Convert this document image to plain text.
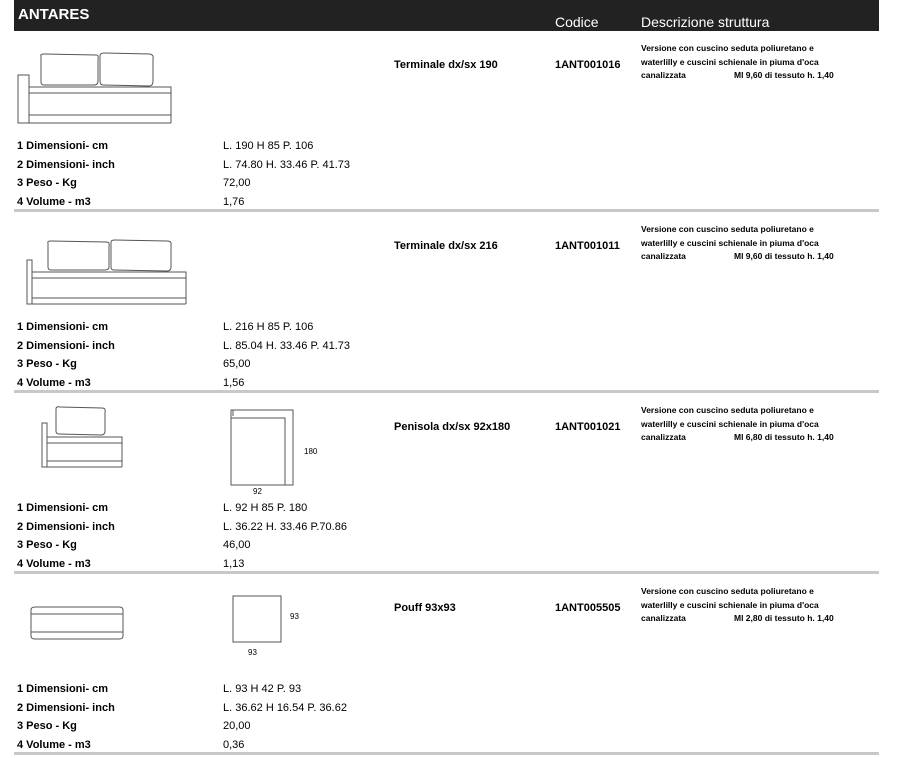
ANTARES	Codice	Descrizione struttura
Terminale dx/sx 190	1ANT001016
Versione con cuscino seduta poliuretano e
waterlilly e cuscini schienale in piuma d'oca

canalizzata	Ml 9,60 di tessuto h. 1,40
1 Dimensioni- cm	L. 190 H 85 P. 106
2 Dimensioni- inch	L. 74.80 H. 33.46 P. 41.73
3 Peso - Kg	72,00
4 Volume - m3	1,76
Terminale dx/sx 216	1ANT001011
Versione con cuscino seduta poliuretano e
waterlilly e cuscini schienale in piuma d'oca

canalizzata	Ml 9,60 di tessuto h. 1,40
1 Dimensioni- cm	L. 216 H 85 P. 106
2 Dimensioni- inch	L. 85.04 H. 33.46 P. 41.73
3 Peso - Kg	65,00
4 Volume - m3	1,56
180
92
Penisola dx/sx 92x180	1ANT001021
Versione con cuscino seduta poliuretano e
waterlilly e cuscini schienale in piuma d'oca

canalizzata	Ml 6,80 di tessuto h. 1,40
1 Dimensioni- cm	L. 92 H 85 P. 180
2 Dimensioni- inch	L. 36.22 H. 33.46 P.70.86
3 Peso - Kg	46,00
4 Volume - m3	1,13
93
93
Pouff 93x93	1ANT005505
Versione con cuscino seduta poliuretano e
waterlilly e cuscini schienale in piuma d'oca

canalizzata	Ml 2,80 di tessuto h. 1,40
1 Dimensioni- cm	L. 93 H 42 P. 93
2 Dimensioni- inch	L. 36.62 H 16.54 P. 36.62
3 Peso - Kg	20,00
4 Volume - m3	0,36
